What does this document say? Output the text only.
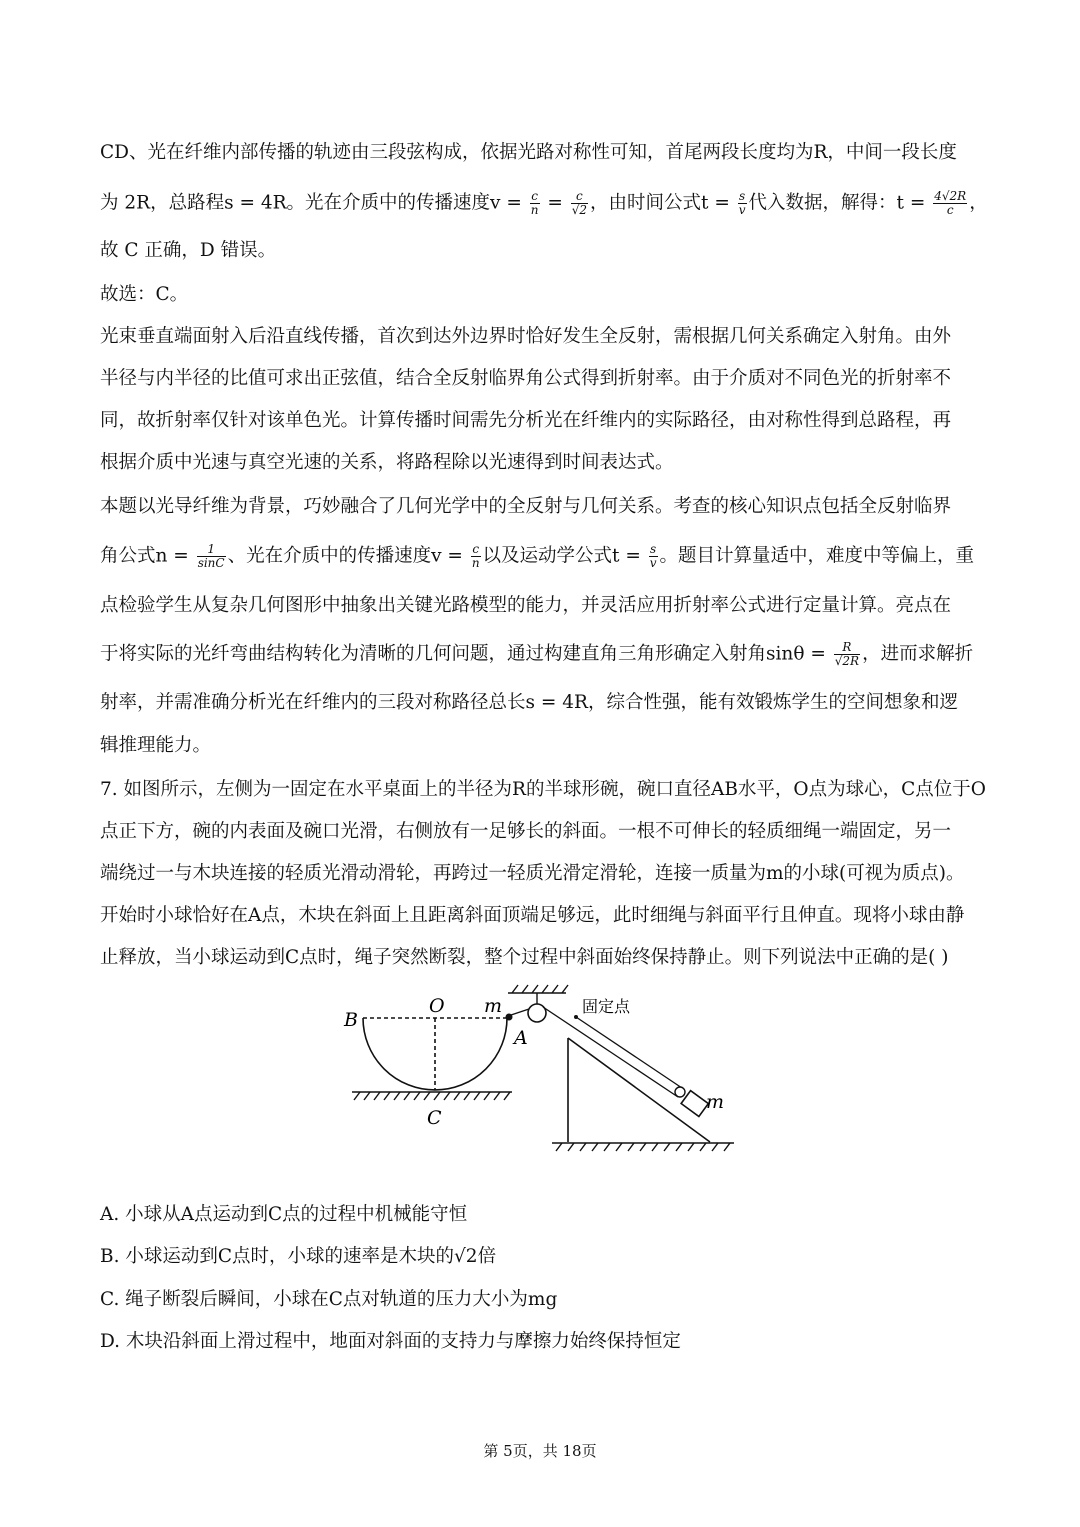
CD、光在纤维内部传播的轨迹由三段弦构成，依据光路对称性可知，首尾两段长度均为R，中间一段长度
为 2R，总路程s = 4R。光在介质中的传播速度$v = \frac{c}{n} = \frac{c}{√2}$ ，由时间公式$t = \frac{s}{v}$ 代入数据，解得：$t = \frac{4√2R}{c}$ ，
故 C 正确，D 错误。
故选：C。
光束垂直端面射入后沿直线传播，首次到达外边界时恰好发生全反射，需根据几何关系确定入射角。由外
半径与内半径的比值可求出正弦值，结合全反射临界角公式得到折射率。由于介质对不同色光的折射率不
同，故折射率仅针对该单色光。计算传播时间需先分析光在纤维内的实际路径，由对称性得到总路程，再
根据介质中光速与真空光速的关系，将路程除以光速得到时间表达式。
本题以光导纤维为背景，巧妙融合了几何光学中的全反射与几何关系。考查的核心知识点包括全反射临界
角公式$n = \frac{1}{\sin C}$ 、光在介质中的传播速度$v = \frac{c}{n}$ 以及运动学公式$t = \frac{s}{v}$ 。题目计算量适中，难度中等偏上，重
点检验学生从复杂几何图形中抽象出关键光路模型的能力，并灵活应用折射率公式进行定量计算。亮点在
于将实际的光纤弯曲结构转化为清晰的几何问题，通过构建直角三角形确定入射角$\sin\theta = \frac{R}{√2R}$ ，进而求解折
射率，并需准确分析光在纤维内的三段对称路径总长s = 4R，综合性强，能有效锻炼学生的空间想象和逻
辑推理能力。
7. 如图所示，左侧为一固定在水平桌面上的半径为R的半球形碗，碗口直径AB水平，O点为球心，C点位于O
点正下方，碗的内表面及碗口光滑，右侧放有一足够长的斜面。一根不可伸长的轻质细绳一端固定，另一
端绕过一与木块连接的轻质光滑动滑轮，再跨过一轻质光滑定滑轮，连接一质量为m的小球(可视为质点)。
开始时小球恰好在A点，木块在斜面上且距离斜面顶端足够远，此时细绳与斜面平行且伸直。现将小球由静
止释放，当小球运动到C点时，绳子突然断裂，整个过程中斜面始终保持静止。则下列说法中正确的是( )
B
O m
A
C
固定点
m
A. 小球从A点运动到C点的过程中机械能守恒
B. 小球运动到C点时，小球的速率是木块的√2倍
C. 绳子断裂后瞬间，小球在C点对轨道的压力大小为mg
D. 木块沿斜面上滑过程中，地面对斜面的支持力与摩擦力始终保持恒定
第 5页，共 18页
